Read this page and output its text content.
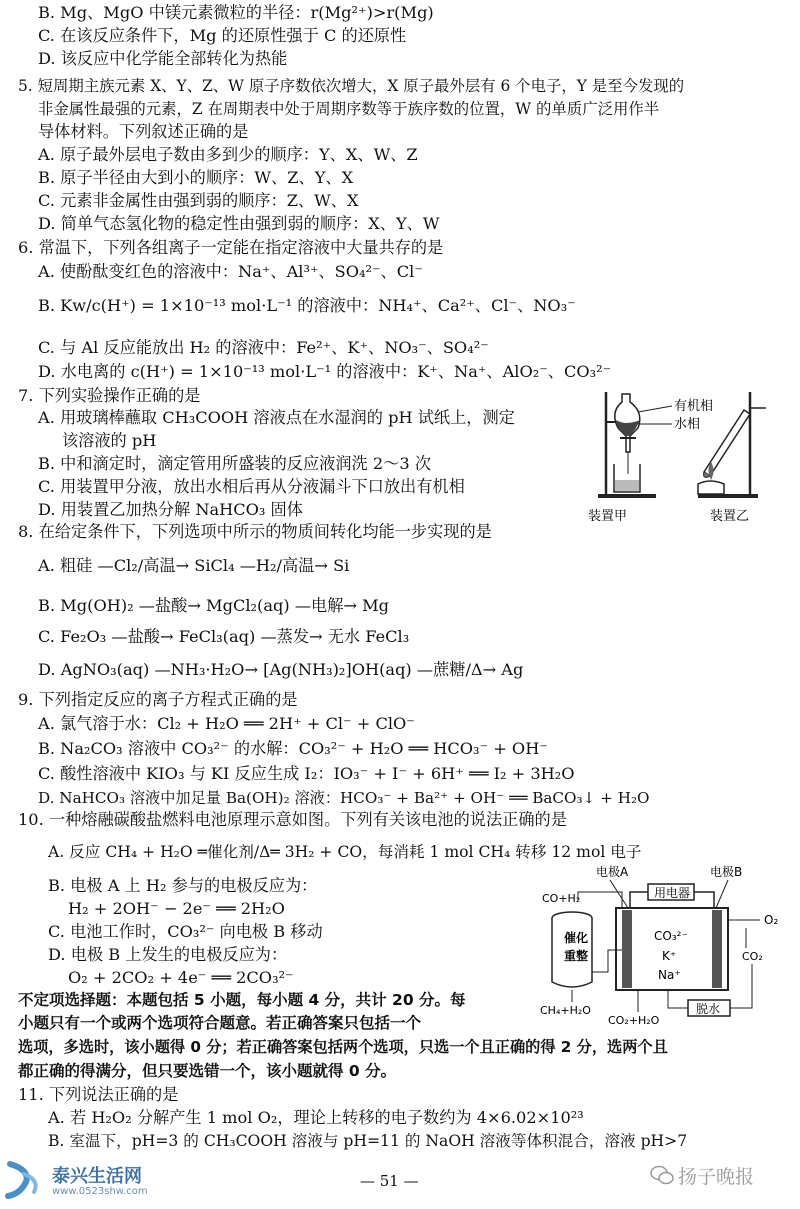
B. Mg、MgO 中镁元素微粒的半径：r(Mg²⁺)>r(Mg)
C. 在该反应条件下，Mg 的还原性强于 C 的还原性
D. 该反应中化学能全部转化为热能
5. 短周期主族元素 X、Y、Z、W 原子序数依次增大，X 原子最外层有 6 个电子，Y 是至今发现的
非金属性最强的元素，Z 在周期表中处于周期序数等于族序数的位置，W 的单质广泛用作半
导体材料。下列叙述正确的是
A. 原子最外层电子数由多到少的顺序：Y、X、W、Z
B. 原子半径由大到小的顺序：W、Z、Y、X
C. 元素非金属性由强到弱的顺序：Z、W、X
D. 简单气态氢化物的稳定性由强到弱的顺序：X、Y、W
6. 常温下，下列各组离子一定能在指定溶液中大量共存的是
A. 使酚酞变红色的溶液中：Na⁺、Al³⁺、SO₄²⁻、Cl⁻
B. Kw/c(H⁺) = 1×10⁻¹³ mol·L⁻¹ 的溶液中：NH₄⁺、Ca²⁺、Cl⁻、NO₃⁻
C. 与 Al 反应能放出 H₂ 的溶液中：Fe²⁺、K⁺、NO₃⁻、SO₄²⁻
D. 水电离的 c(H⁺) = 1×10⁻¹³ mol·L⁻¹ 的溶液中：K⁺、Na⁺、AlO₂⁻、CO₃²⁻
7. 下列实验操作正确的是
A. 用玻璃棒蘸取 CH₃COOH 溶液点在水湿润的 pH 试纸上，测定
该溶液的 pH
B. 中和滴定时，滴定管用所盛装的反应液润洗 2～3 次
C. 用装置甲分液，放出水相后再从分液漏斗下口放出有机相
D. 用装置乙加热分解 NaHCO₃ 固体
8. 在给定条件下，下列选项中所示的物质间转化均能一步实现的是
A. 粗硅 —Cl₂/高温→ SiCl₄ —H₂/高温→ Si
B. Mg(OH)₂ —盐酸→ MgCl₂(aq) —电解→ Mg
C. Fe₂O₃ —盐酸→ FeCl₃(aq) —蒸发→ 无水 FeCl₃
D. AgNO₃(aq) —NH₃·H₂O→ [Ag(NH₃)₂]OH(aq) —蔗糖/Δ→ Ag
9. 下列指定反应的离子方程式正确的是
A. 氯气溶于水：Cl₂ + H₂O ══ 2H⁺ + Cl⁻ + ClO⁻
B. Na₂CO₃ 溶液中 CO₃²⁻ 的水解：CO₃²⁻ + H₂O ══ HCO₃⁻ + OH⁻
C. 酸性溶液中 KIO₃ 与 KI 反应生成 I₂：IO₃⁻ + I⁻ + 6H⁺ ══ I₂ + 3H₂O
D. NaHCO₃ 溶液中加足量 Ba(OH)₂ 溶液：HCO₃⁻ + Ba²⁺ + OH⁻ ══ BaCO₃↓ + H₂O
10. 一种熔融碳酸盐燃料电池原理示意如图。下列有关该电池的说法正确的是
A. 反应 CH₄ + H₂O ═催化剂/Δ═ 3H₂ + CO，每消耗 1 mol CH₄ 转移 12 mol 电子
B. 电极 A 上 H₂ 参与的电极反应为：
H₂ + 2OH⁻ − 2e⁻ ══ 2H₂O
C. 电池工作时，CO₃²⁻ 向电极 B 移动
D. 电极 B 上发生的电极反应为：
O₂ + 2CO₂ + 4e⁻ ══ 2CO₃²⁻
不定项选择题：本题包括 5 小题，每小题 4 分，共计 20 分。每
小题只有一个或两个选项符合题意。若正确答案只包括一个
选项，多选时，该小题得 0 分；若正确答案包括两个选项，只选一个且正确的得 2 分，选两个且
都正确的得满分，但只要选错一个，该小题就得 0 分。
11. 下列说法正确的是
A. 若 H₂O₂ 分解产生 1 mol O₂，理论上转移的电子数约为 4×6.02×10²³
B. 室温下，pH=3 的 CH₃COOH 溶液与 pH=11 的 NaOH 溶液等体积混合，溶液 pH>7
有机相
水相
装置甲	装置乙
电极A	电极B
用电器
CO₃²⁻
K⁺
Na⁺
CO+H₂
催化
重整
CH₄+H₂O
O₂
CO₂
脱水
CO₂+H₂O
泰兴生活网
www.0523shw.com
— 51 —	扬子晚报
